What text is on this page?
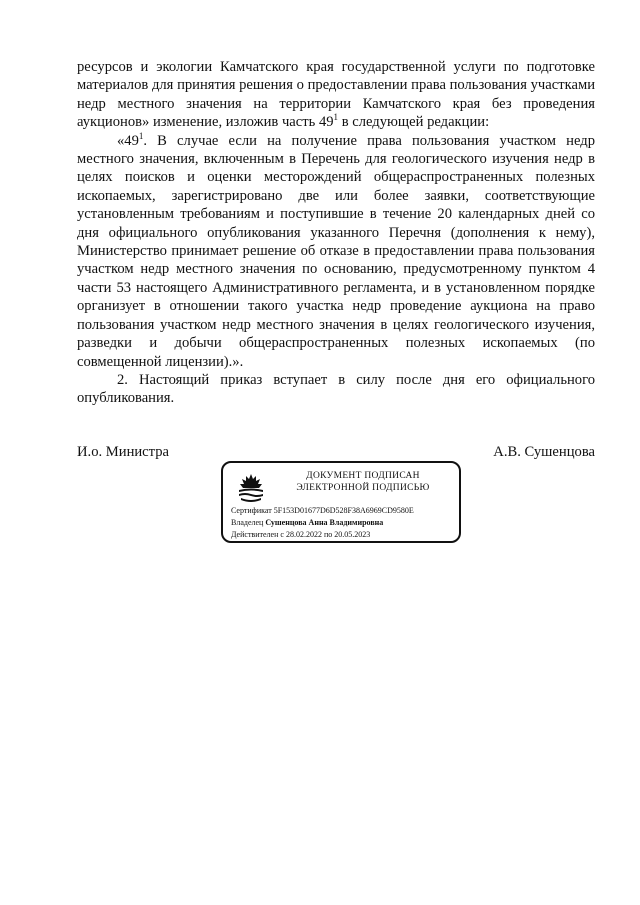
ресурсов и экологии Камчатского края государственной услуги по подготовке материалов для принятия решения о предоставлении права пользования участками недр местного значения на территории Камчатского края без проведения аукционов» изменение, изложив часть $49^1$ в следующей редакции:

«$49^1$. В случае если на получение права пользования участком недр местного значения, включенным в Перечень для геологического изучения недр в целях поисков и оценки месторождений общераспространенных полезных ископаемых, зарегистрировано две или более заявки, соответствующие установленным требованиям и поступившие в течение 20 календарных дней со дня официального опубликования указанного Перечня (дополнения к нему), Министерство принимает решение об отказе в предоставлении права пользования участком недр местного значения по основанию, предусмотренному пунктом 4 части 53 настоящего Административного регламента, и в установленном порядке организует в отношении такого участка недр проведение аукциона на право пользования участком недр местного значения в целях геологического изучения, разведки и добычи общераспространенных полезных ископаемых (по совмещенной лицензии).».

2. Настоящий приказ вступает в силу после дня его официального опубликования.

И.о. Министра	А.В. Сушенцова
ДОКУМЕНТ ПОДПИСАН
ЭЛЕКТРОННОЙ ПОДПИСЬЮ
Сертификат 5F153D01677D6D528F38A6969CD9580E
Владелец Сушенцова Анна Владимировна
Действителен с 28.02.2022 по 20.05.2023
